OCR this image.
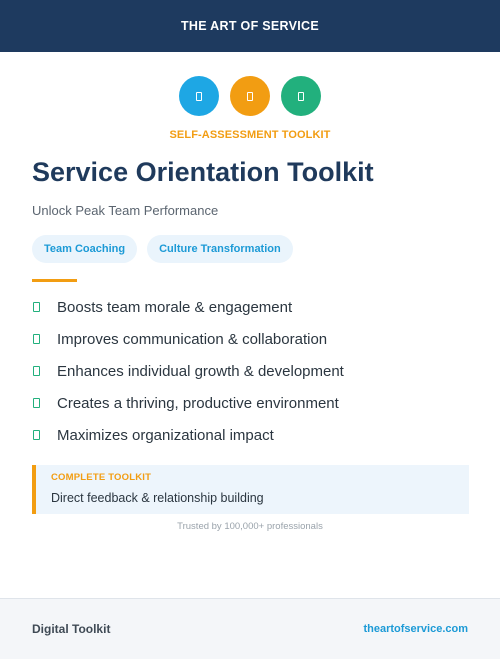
THE ART OF SERVICE
SELF-ASSESSMENT TOOLKIT
Service Orientation Toolkit
Unlock Peak Team Performance
Team Coaching	Culture Transformation
Boosts team morale & engagement
Improves communication & collaboration
Enhances individual growth & development
Creates a thriving, productive environment
Maximizes organizational impact
COMPLETE TOOLKIT
Direct feedback & relationship building
Trusted by 100,000+ professionals
Digital Toolkit	theartofservice.com
